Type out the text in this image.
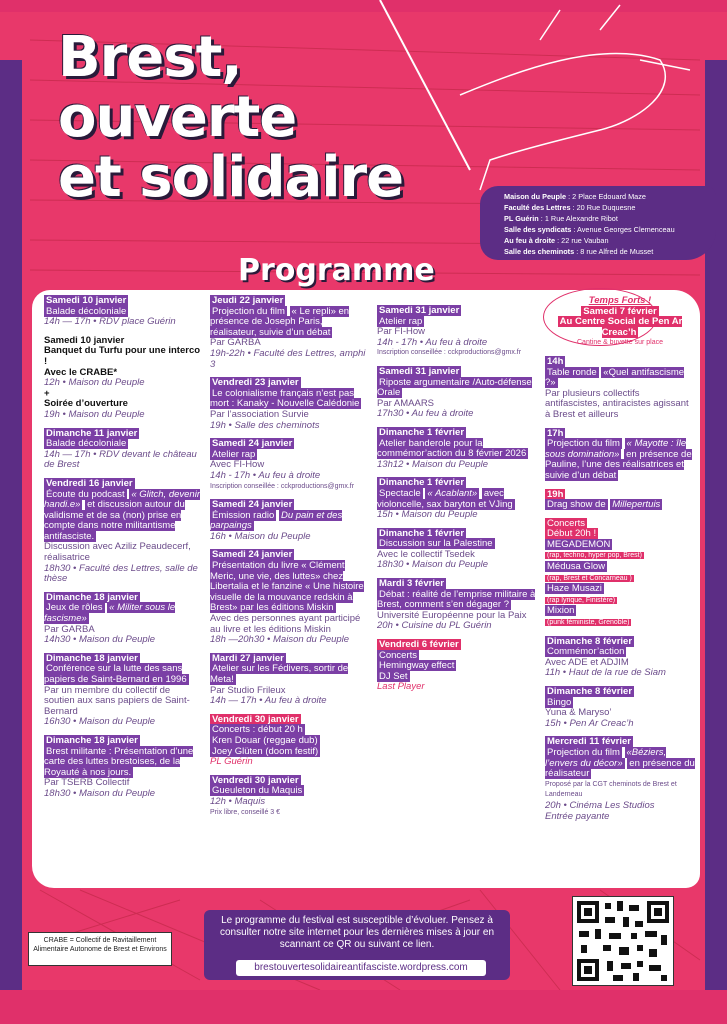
Brest,
ouverte
et solidaire	Maison du Peuple : 2 Place Edouard Maze
Faculté des Lettres : 20 Rue Duquesne
PL Guérin : 1 Rue Alexandre Ribot
Salle des syndicats : Avenue Georges Clemenceau
Au feu à droite : 22 rue Vauban
Salle des cheminots : 8 rue Alfred de Musset
Programme
Samedi 10 janvier
Balade décoloniale
14h — 17h • RDV place Guérin
Samedi 10 janvier
Banquet du Turfu pour une interco !
Avec le CRABE*
12h • Maison du Peuple
+
Soirée d’ouverture
19h • Maison du Peuple
Dimanche 11 janvier
Balade décoloniale
14h — 17h • RDV devant le château de Brest
Vendredi 16 janvier
Écoute du podcast « Glitch, devenir handi.e» et discussion autour du validisme et de sa (non) prise en compte dans notre militantisme antifasciste.
Discussion avec Aziliz Peaudecerf, réalisatrice
18h30 • Faculté des Lettres, salle de thèse
Dimanche 18 janvier
Jeux de rôles « Militer sous le fascisme»
Par GARBA
14h30 • Maison du Peuple
Dimanche 18 janvier
Conférence sur la lutte des sans papiers de Saint-Bernard en 1996
Par un membre du collectif de soutien aux sans papiers de Saint-Bernard
16h30 • Maison du Peuple
Dimanche 18 janvier
Brest militante : Présentation d’une carte des luttes brestoises, de la Royauté à nos jours.
Par TSERB Collectif
18h30 • Maison du Peuple
Jeudi 22 janvier
Projection du film « Le repli» en présence de Joseph Paris, réalisateur, suivie d’un débat
Par GARBA
19h-22h • Faculté des Lettres, amphi 3
Vendredi 23 janvier
Le colonialisme français n’est pas mort : Kanaky - Nouvelle Calédonie
Par l’association Survie
19h • Salle des cheminots
Samedi 24 janvier
Atelier rap
Avec FI-How
14h - 17h • Au feu à droite
Inscription conseillée : cckproductions@gmx.fr
Samedi 24 janvier
Émission radio Du pain et des parpaings
16h • Maison du Peuple
Samedi 24 janvier
Présentation du livre « Clément Meric, une vie, des luttes» chez Libertalia et le fanzine « Une histoire visuelle de la mouvance redskin à Brest» par les éditions Miskin
Avec des personnes ayant participé au livre et les éditions Miskin
18h —20h30 • Maison du Peuple
Mardi 27 janvier
Atelier sur les Fédivers, sortir de Meta!
Par Studio Frileux
14h — 17h • Au feu à droite
Vendredi 30 janvier
Concerts : début 20 h
Kren Douar (reggae dub)
Joey Glüten (doom festif)
PL Guérin
Vendredi 30 janvier
Gueuleton du Maquis
12h • Maquis
Prix libre, conseillé 3 €
Samedi 31 janvier
Atelier rap
Par FI-How
14h - 17h • Au feu à droite
Inscription conseillée : cckproductions@gmx.fr
Samedi 31 janvier
Riposte argumentaire /Auto-défense Orale
Par AMAARS
17h30 • Au feu à droite
Dimanche 1 février
Atelier banderole pour la commémor’action du 8 février 2026
13h12 • Maison du Peuple
Dimanche 1 février
Spectacle « Acablant» avec violoncelle, sax baryton et VJing
15h • Maison du Peuple
Dimanche 1 février
Discussion sur la Palestine
Avec le collectif Tsedek
18h30 • Maison du Peuple
Mardi 3 février
Débat : réalité de l’emprise militaire à Brest, comment s’en dégager ?
Université Européenne pour la Paix
20h • Cuisine du PL Guérin
Vendredi 6 février
Concerts
Hemingway effect
DJ Set
Last Player
Temps Forts !
Samedi 7 février
Au Centre Social de Pen Ar Creac’h
Cantine & buvette sur place
14h
Table ronde «Quel antifascisme ?»
Par plusieurs collectifs antifascistes, antiracistes agissant à Brest et ailleurs
17h
Projection du film « Mayotte : île sous domination» en présence de Pauline, l’une des réalisatrices et suivie d’un débat
19h
Drag show de Millepertuis
Concerts
Début 20h !
MEGADEMON
(rap, techno, hyper pop, Brest)
Médusa Glow
(rap, Brest et Concarneau )
Haze Musazi
(rap lyrique, Finistère)
Mixion
(punk féministe, Grenoble)
Dimanche 8 février
Commémor’action
Avec ADE et ADJIM
11h • Haut de la rue de Siam
Dimanche 8 février
Bingo
Yuna & Maryso’
15h • Pen Ar Creac’h
Mercredi 11 février
Projection du film «Béziers, l’envers du décor» en présence du réalisateur
Proposé par la CGT cheminots de Brest et Landerneau
20h • Cinéma Les Studios
Entrée payante
Le programme du festival est susceptible d’évoluer. Pensez à consulter notre site internet pour les dernières mises à jour en scannant ce QR ou suivant ce lien.
brestouvertesolidaireantifasciste.wordpress.com
CRABE = Collectif de Ravitaillement Alimentaire Autonome de Brest et Environs
